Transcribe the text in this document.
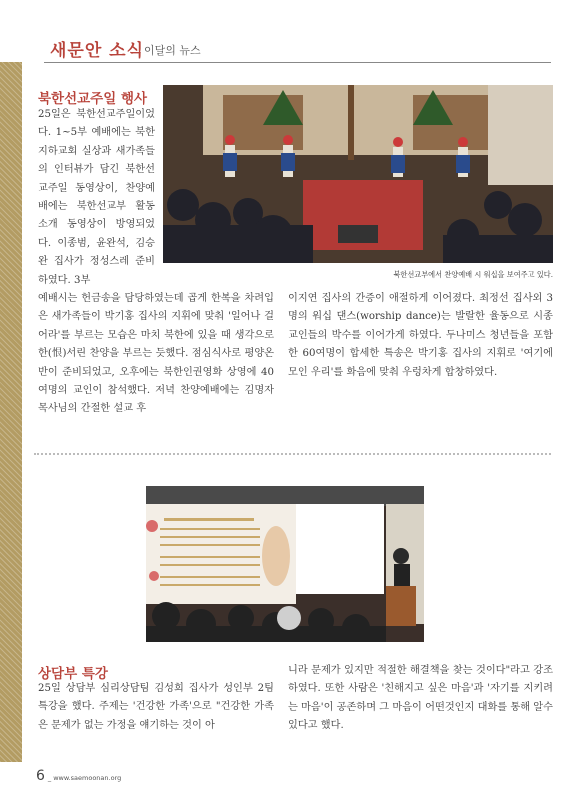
새문안 소식 이달의 뉴스
북한선교주일 행사
25일은 북한선교주일이었다. 1~5부 예배에는 북한지하교회 실상과 새가족들의 인터뷰가 담긴 북한선교주일 동영상이, 찬양예배에는 북한선교부 활동 소개 동영상이 방영되었다. 이종범, 윤완석, 김승완 집사가 정성스레 준비하였다. 3부
북한선교부에서 찬양예배 시 워십을 보여주고 있다.
예배시는 헌금송을 담당하였는데 곱게 한복을 차려입은 새가족들이 박기홍 집사의 지휘에 맞춰 '일어나 걸어라'를 부르는 모습은 마치 북한에 있을 때 생각으로 한(恨)서린 찬양을 부르는 듯했다. 점심식사로 평양온반이 준비되었고, 오후에는 북한인권영화 상영에 40여명의 교인이 참석했다. 저녁 찬양예배에는 김명자 목사님의 간절한 설교 후
이지연 집사의 간증이 애절하게 이어졌다. 최정선 집사외 3명의 워십 댄스(worship dance)는 발랄한 율동으로 시종 교인들의 박수를 이어가게 하였다. 두나미스 청년들을 포함한 60여명이 합세한 특송은 박기홍 집사의 지휘로 '여기에 모인 우리'를 화음에 맞춰 우렁차게 합창하였다.
상담부 특강
25일 상담부 심리상담팀 김성희 집사가 성인부 2팀 특강을 했다. 주제는 '건강한 가족'으로 "건강한 가족은 문제가 없는 가정을 얘기하는 것이 아
니라 문제가 있지만 적절한 해결책을 찾는 것이다"라고 강조하였다. 또한 사람은 '친해지고 싶은 마음'과 '자기를 지키려는 마음'이 공존하며 그 마음이 어떤것인지 대화를 통해 알수 있다고 했다.
6 _ www.saemoonan.org
